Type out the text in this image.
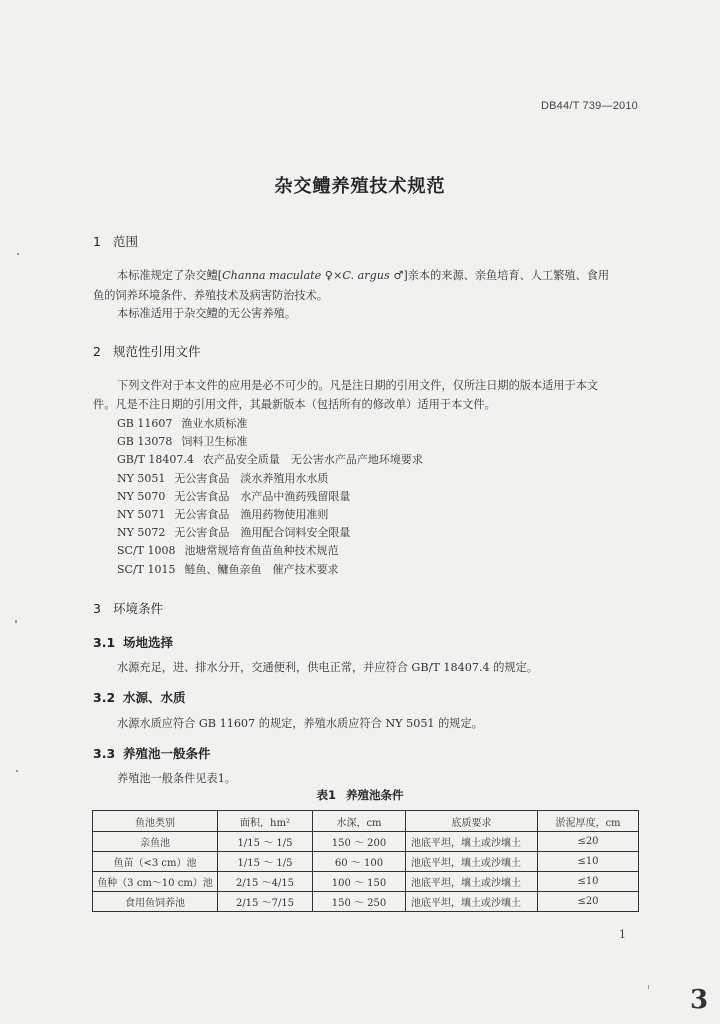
DB44/T 739—2010
杂交鳢养殖技术规范
1 范围
本标准规定了杂交鳢[Channa maculate ♀×C. argus ♂]亲本的来源、亲鱼培育、人工繁殖、食用
鱼的饲养环境条件、养殖技术及病害防治技术。
本标准适用于杂交鳢的无公害养殖。
2 规范性引用文件
下列文件对于本文件的应用是必不可少的。凡是注日期的引用文件，仅所注日期的版本适用于本文
件。凡是不注日期的引用文件，其最新版本（包括所有的修改单）适用于本文件。
GB 11607 渔业水质标准
GB 13078 饲料卫生标准
GB/T 18407.4 农产品安全质量　无公害水产品产地环境要求
NY 5051 无公害食品　淡水养殖用水水质
NY 5070 无公害食品　水产品中渔药残留限量
NY 5071 无公害食品　渔用药物使用准则
NY 5072 无公害食品　渔用配合饲料安全限量
SC/T 1008 池塘常规培育鱼苗鱼种技术规范
SC/T 1015 鲢鱼、鳙鱼亲鱼　催产技术要求
3 环境条件
3.1 场地选择
水源充足，进、排水分开，交通便利，供电正常，并应符合 GB/T 18407.4 的规定。
3.2 水源、水质
水源水质应符合 GB 11607 的规定，养殖水质应符合 NY 5051 的规定。
3.3 养殖池一般条件
养殖池一般条件见表1。
表1 养殖池条件
鱼池类别	面积，hm²	水深，cm	底质要求	淤泥厚度，cm
亲鱼池	1/15 ～ 1/5	150 ～ 200	池底平坦，壤土或沙壤土	≤20
鱼苗（<3 cm）池	1/15 ～ 1/5	60 ～ 100	池底平坦，壤土或沙壤土	≤10
鱼种（3 cm～10 cm）池	2/15 ～4/15	100 ～ 150	池底平坦，壤土或沙壤土	≤10
食用鱼饲养池	2/15 ～7/15	150 ～ 250	池底平坦，壤土或沙壤土	≤20
1
3
